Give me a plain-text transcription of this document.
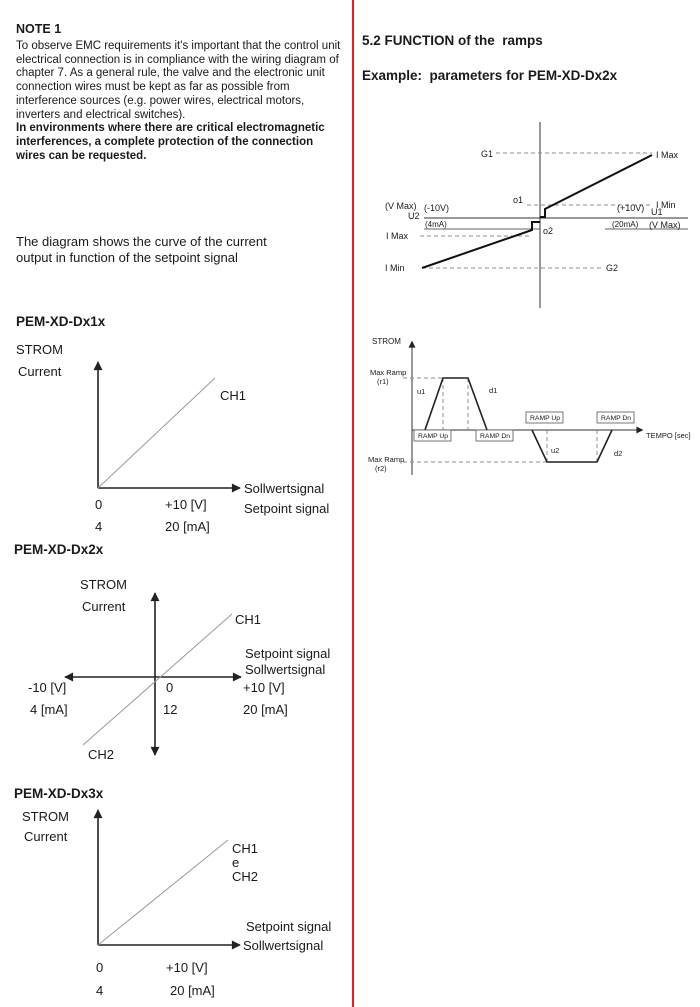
NOTE 1

To observe EMC requirements it's important that the control unit electrical connection is in compliance with the wiring diagram of chapter 7. As a general rule, the valve and the electronic unit connection wires must be kept as far as possible from interference sources (e.g. power wires, electrical motors, inverters and electrical switches).
In environments where there are critical electromagnetic interferences, a complete protection of the connection wires can be requested.

The diagram shows the curve of the current output in function of the setpoint signal

PEM-XD-Dx1x
STROM
Current
CH1
Sollwertsignal
Setpoint signal
0	+10 [V]
4	20 [mA]
PEM-XD-Dx2x
STROM
Current
CH1
Setpoint signal
Sollwertsignal
-10 [V]
4 [mA]
0
12
+10 [V]
20 [mA]
CH2
PEM-XD-Dx3x
STROM
Current
CH1
e
CH2
Setpoint signal
Sollwertsignal
0	+10 [V]
4	20 [mA]
5.2 FUNCTION of the  ramps
Example:  parameters for PEM-XD-Dx2x
G1	I Max
o1	I Min
(V Max) (-10V)
U2
(4mA)
I Max
(+10V) U1
(20mA) (V Max)
o2
I Min	G2
STROM
Max Ramp
(r1)
u1	d1
RAMP Up	RAMP Dn
RAMP Up	RAMP Dn
u2	d2
TEMPO [sec]
Max Ramp
(r2)
